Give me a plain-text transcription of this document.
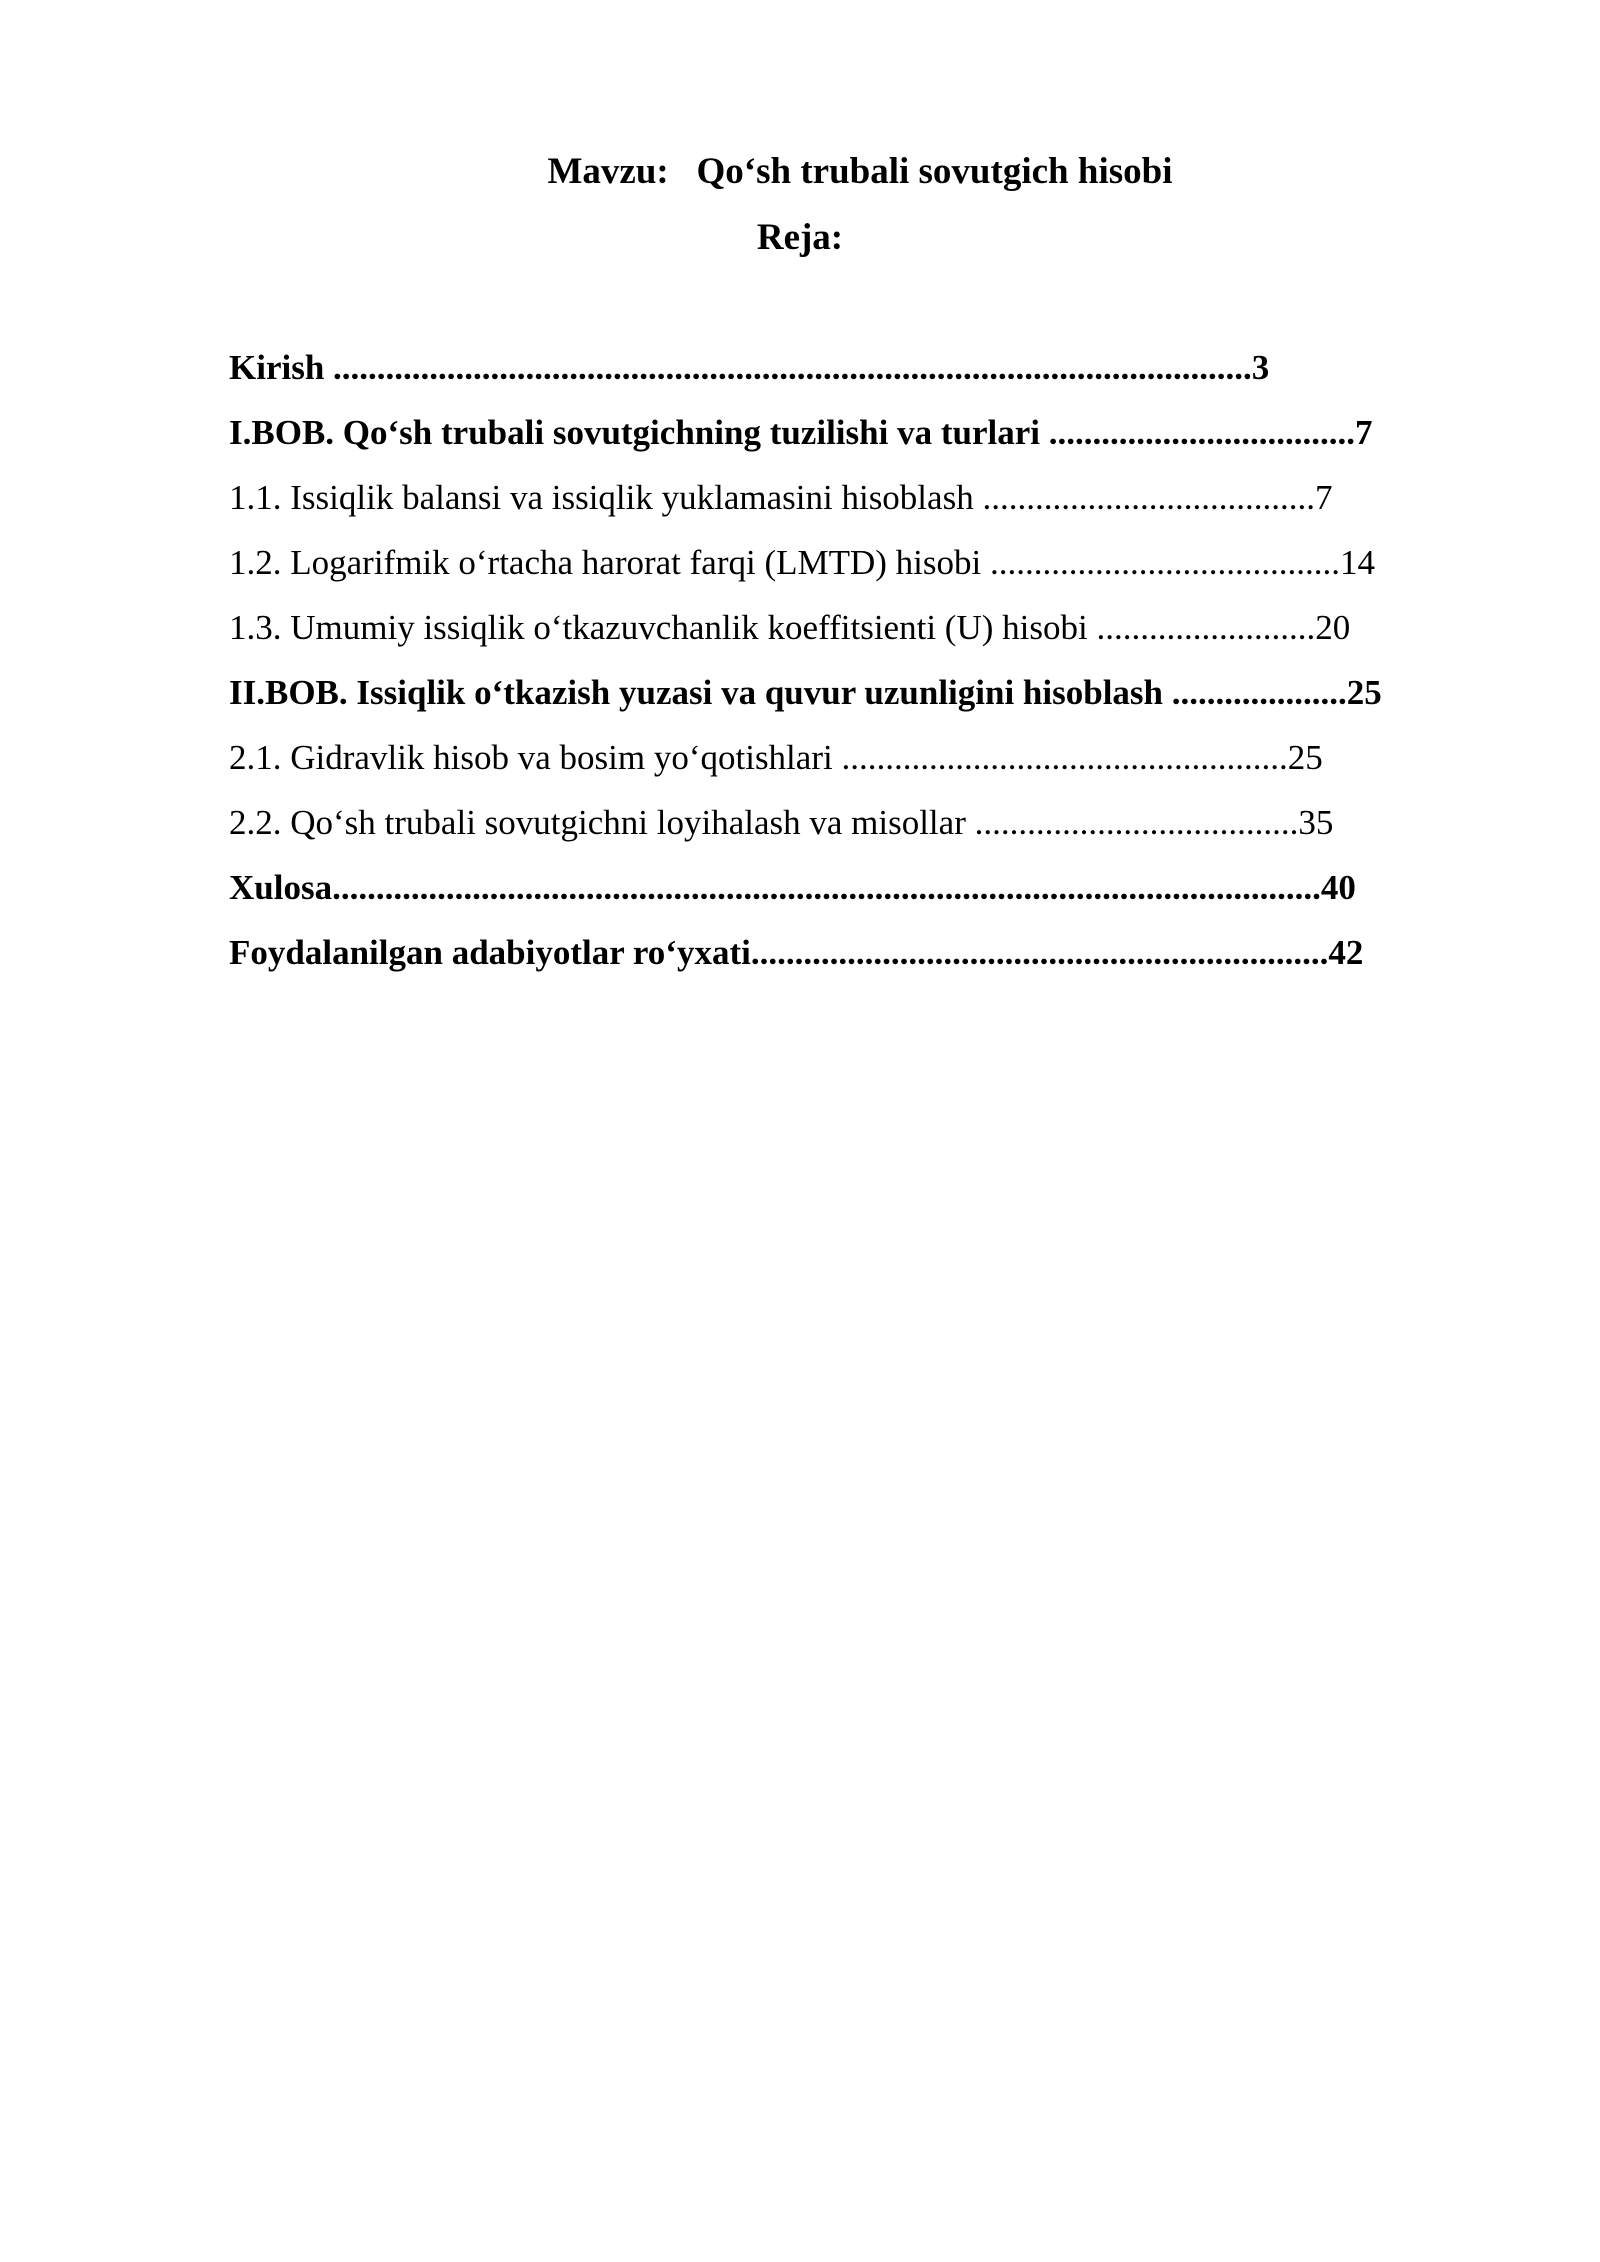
Mavzu: Qo‘sh trubali sovutgich hisobi
Reja:
Kirish .........................................................................................................3
I.BOB. Qo‘sh trubali sovutgichning tuzilishi va turlari ...................................7
1.1. Issiqlik balansi va issiqlik yuklamasini hisoblash ......................................7
1.2. Logarifmik o‘rtacha harorat farqi (LMTD) hisobi ........................................14
1.3. Umumiy issiqlik o‘tkazuvchanlik koeffitsienti (U) hisobi .........................20
II.BOB. Issiqlik o‘tkazish yuzasi va quvur uzunligini hisoblash ....................25
2.1. Gidravlik hisob va bosim yo‘qotishlari ...................................................25
2.2. Qo‘sh trubali sovutgichni loyihalash va misollar .....................................35
Xulosa.................................................................................................................40
Foydalanilgan adabiyotlar ro‘yxati..................................................................42
